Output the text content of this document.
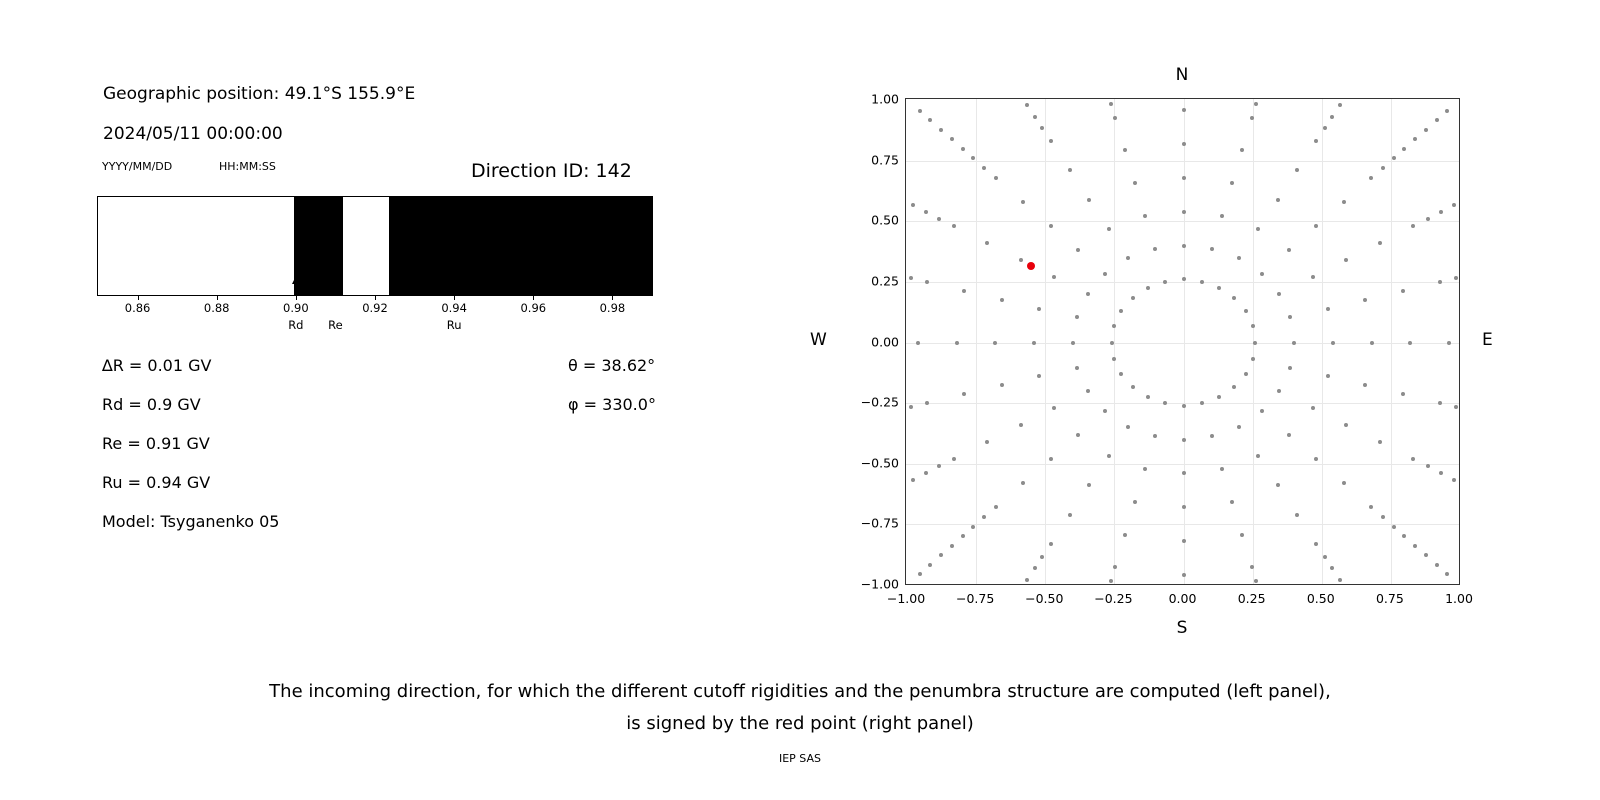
Geographic position: 49.1°S 155.9°E
2024/05/11 00:00:00
YYYY/MM/DD	HH:MM:SS	Direction ID: 142
0.86	0.88	0.90	0.92	0.94	0.96	0.98
Rd	Re	Ru
∆R = 0.01 GV
Rd = 0.9 GV
Re = 0.91 GV
Ru = 0.94 GV
Model: Tsyganenko 05
θ = 38.62°
φ = 330.0°
N
S
W	E
−1.00 −0.75 −0.50 −0.25	0.00	0.25	0.50	0.75	1.00
−1.00
−0.75
−0.50
−0.25
0.00
0.25
0.50
0.75
1.00
The incoming direction, for which the different cutoff rigidities and the penumbra structure are computed (left panel),
is signed by the red point (right panel)
IEP SAS
